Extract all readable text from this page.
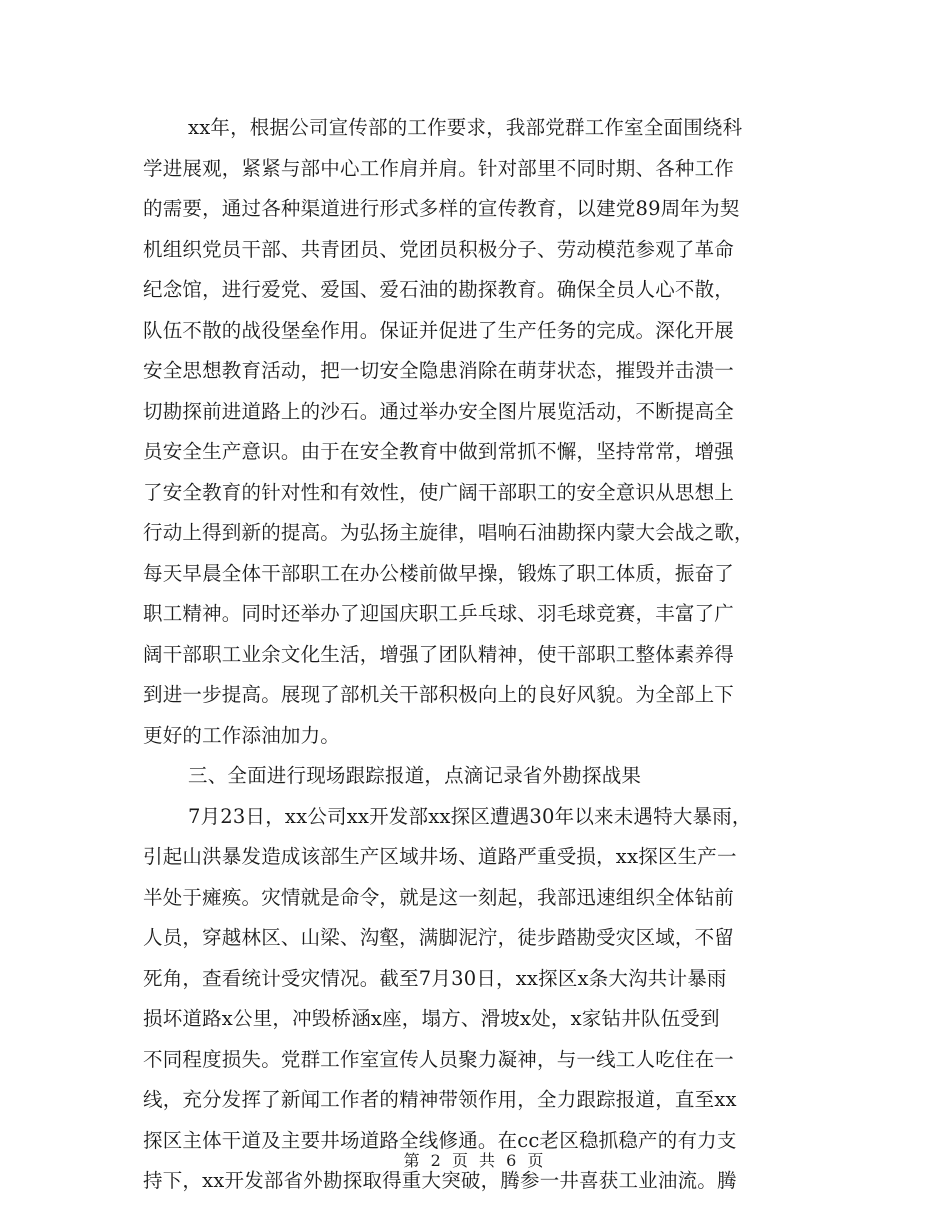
xx年，根据公司宣传部的工作要求，我部党群工作室全面围绕科
学进展观，紧紧与部中心工作肩并肩。针对部里不同时期、各种工作
的需要，通过各种渠道进行形式多样的宣传教育，以建党89周年为契
机组织党员干部、共青团员、党团员积极分子、劳动模范参观了革命
纪念馆，进行爱党、爱国、爱石油的勘探教育。确保全员人心不散，
队伍不散的战役堡垒作用。保证并促进了生产任务的完成。深化开展
安全思想教育活动，把一切安全隐患消除在萌芽状态，摧毁并击溃一
切勘探前进道路上的沙石。通过举办安全图片展览活动，不断提高全
员安全生产意识。由于在安全教育中做到常抓不懈，坚持常常，增强
了安全教育的针对性和有效性，使广阔干部职工的安全意识从思想上
行动上得到新的提高。为弘扬主旋律，唱响石油勘探内蒙大会战之歌，
每天早晨全体干部职工在办公楼前做早操，锻炼了职工体质，振奋了
职工精神。同时还举办了迎国庆职工乒乓球、羽毛球竞赛，丰富了广
阔干部职工业余文化生活，增强了团队精神，使干部职工整体素养得
到进一步提高。展现了部机关干部积极向上的良好风貌。为全部上下
更好的工作添油加力。
三、全面进行现场跟踪报道，点滴记录省外勘探战果
7月23日，xx公司xx开发部xx探区遭遇30年以来未遇特大暴雨，
引起山洪暴发造成该部生产区域井场、道路严重受损，xx探区生产一
半处于瘫痪。灾情就是命令，就是这一刻起，我部迅速组织全体钻前
人员，穿越林区、山梁、沟壑，满脚泥泞，徒步踏勘受灾区域，不留
死角，查看统计受灾情况。截至7月30日，xx探区x条大沟共计暴雨
损坏道路x公里，冲毁桥涵x座，塌方、滑坡x处，x家钻井队伍受到
不同程度损失。党群工作室宣传人员聚力凝神，与一线工人吃住在一
线，充分发挥了新闻工作者的精神带领作用，全力跟踪报道，直至xx
探区主体干道及主要井场道路全线修通。在cc老区稳抓稳产的有力支
持下，xx开发部省外勘探取得重大突破，腾参一井喜获工业油流。腾
第 2 页 共 6 页
